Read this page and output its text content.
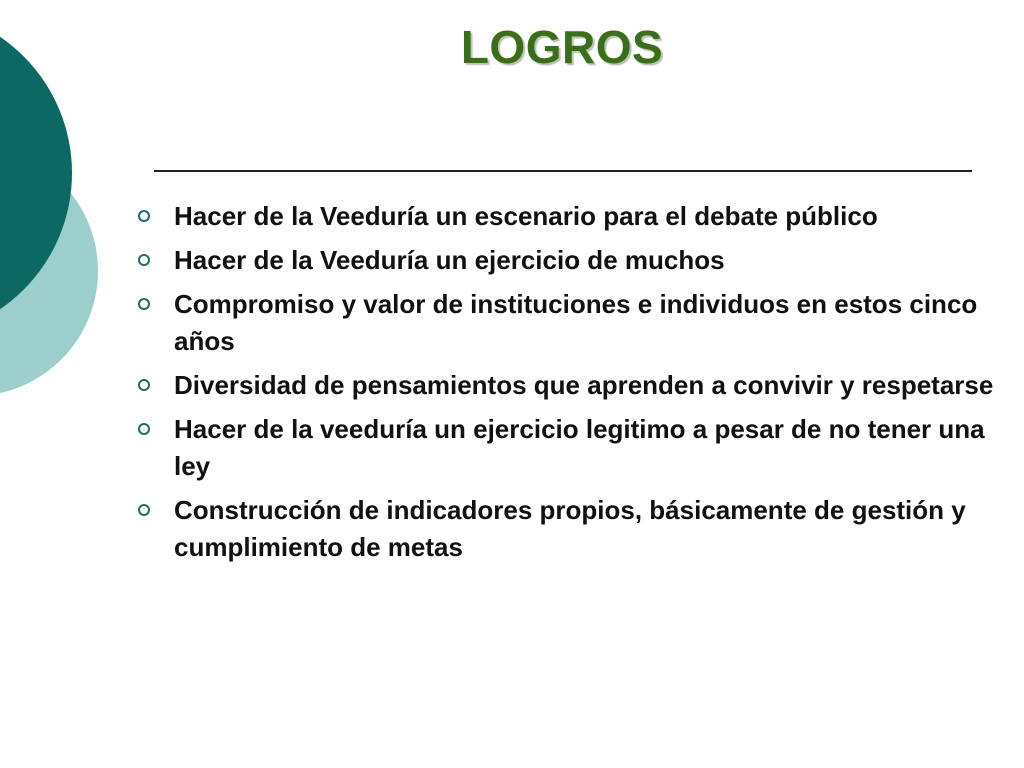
LOGROS
Hacer de la Veeduría un escenario para el debate público
Hacer de la Veeduría un ejercicio de muchos
Compromiso y valor de instituciones e individuos en estos cinco años
Diversidad de pensamientos que aprenden a convivir y respetarse
Hacer de la veeduría un ejercicio legitimo a pesar de no tener una ley
Construcción de indicadores propios, básicamente de gestión y cumplimiento de metas
